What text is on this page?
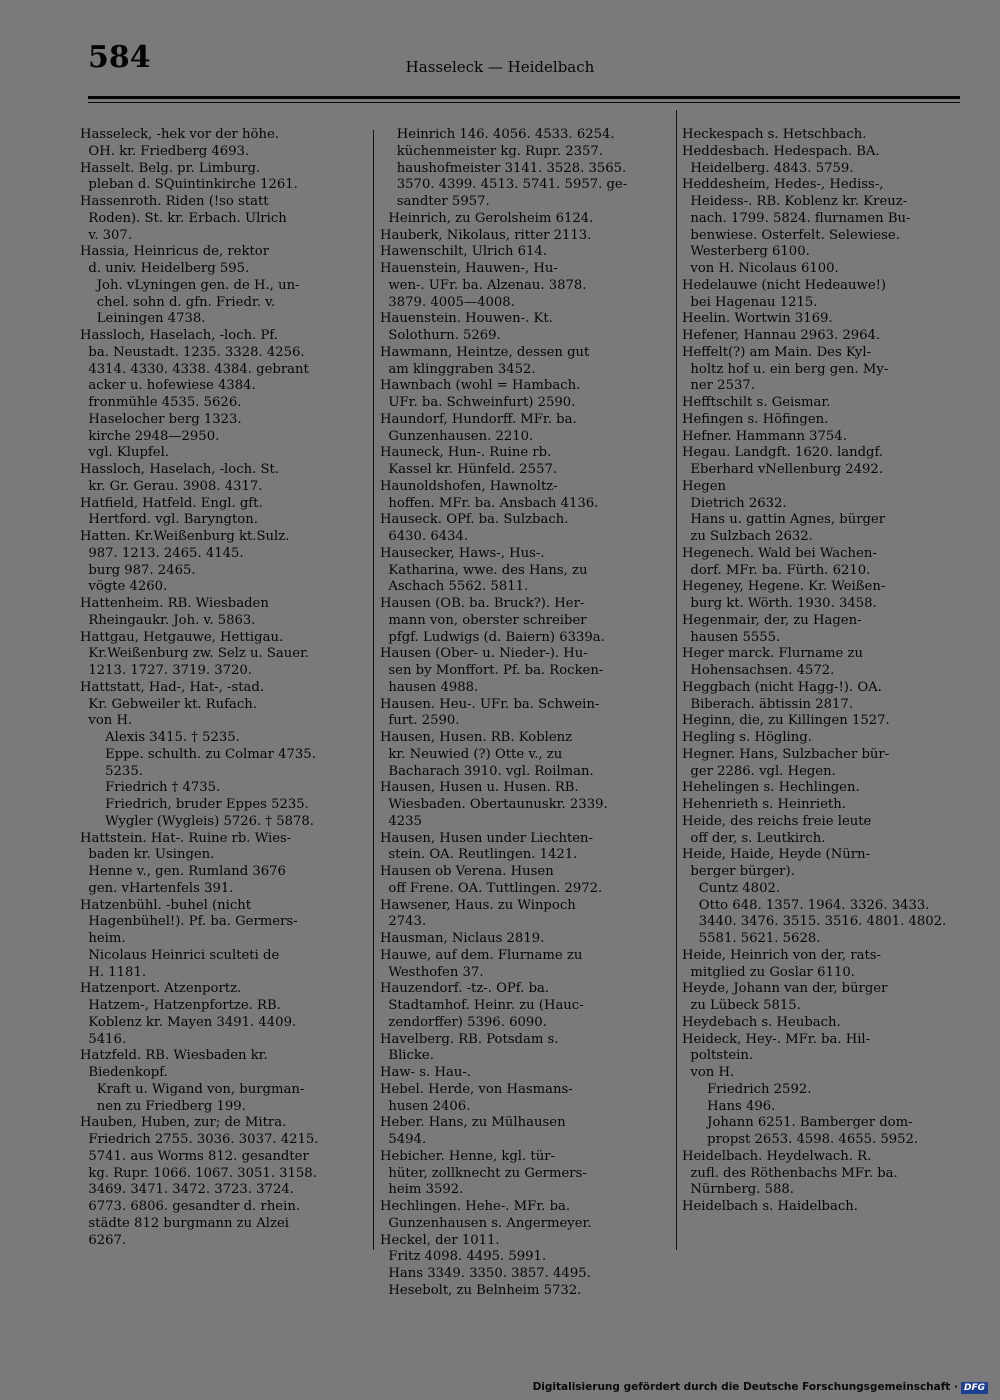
584	Hasseleck — Heidelbach
Hasseleck, -hek vor der höhe.
OH. kr. Friedberg 4693.
Hasselt. Belg. pr. Limburg.
pleban d. SQuintinkirche 1261.
Hassenroth. Riden (!so statt
Roden). St. kr. Erbach. Ulrich
v. 307.
Hassia, Heinricus de, rektor
d. univ. Heidelberg 595.
Joh. vLyningen gen. de H., un-
chel. sohn d. gfn. Friedr. v.
Leiningen 4738.
Hassloch, Haselach, -loch. Pf.
ba. Neustadt. 1235. 3328. 4256.
4314. 4330. 4338. 4384. gebrant
acker u. hofewiese 4384.
fronmühle 4535. 5626.
Haselocher berg 1323.
kirche 2948—2950.
vgl. Klupfel.
Hassloch, Haselach, -loch. St.
kr. Gr. Gerau. 3908. 4317.
Hatfield, Hatfeld. Engl. gft.
Hertford. vgl. Baryngton.
Hatten. Kr.Weißenburg kt.Sulz.
987. 1213. 2465. 4145.
burg 987. 2465.
vögte 4260.
Hattenheim. RB. Wiesbaden
Rheingaukr. Joh. v. 5863.
Hattgau, Hetgauwe, Hettigau.
Kr.Weißenburg zw. Selz u. Sauer.
1213. 1727. 3719. 3720.
Hattstatt, Had-, Hat-, -stad.
Kr. Gebweiler kt. Rufach.
von H.
Alexis 3415. † 5235.
Eppe. schulth. zu Colmar 4735.
5235.
Friedrich † 4735.
Friedrich, bruder Eppes 5235.
Wygler (Wygleis) 5726. † 5878.
Hattstein. Hat-. Ruine rb. Wies-
baden kr. Usingen.
Henne v., gen. Rumland 3676
gen. vHartenfels 391.
Hatzenbühl. -buhel (nicht
Hagenbühel!). Pf. ba. Germers-
heim.
Nicolaus Heinrici sculteti de
H. 1181.
Hatzenport. Atzenportz.
Hatzem-, Hatzenpfortze. RB.
Koblenz kr. Mayen 3491. 4409.
5416.
Hatzfeld. RB. Wiesbaden kr.
Biedenkopf.
Kraft u. Wigand von, burgman-
nen zu Friedberg 199.
Hauben, Huben, zur; de Mitra.
Friedrich 2755. 3036. 3037. 4215.
5741. aus Worms 812. gesandter
kg. Rupr. 1066. 1067. 3051. 3158.
3469. 3471. 3472. 3723. 3724.
6773. 6806. gesandter d. rhein.
städte 812 burgmann zu Alzei
6267.
Heinrich 146. 4056. 4533. 6254.
küchenmeister kg. Rupr. 2357.
haushofmeister 3141. 3528. 3565.
3570. 4399. 4513. 5741. 5957. ge-
sandter 5957.
Heinrich, zu Gerolsheim 6124.
Hauberk, Nikolaus, ritter 2113.
Hawenschilt, Ulrich 614.
Hauenstein, Hauwen-, Hu-
wen-. UFr. ba. Alzenau. 3878.
3879. 4005—4008.
Hauenstein. Houwen-. Kt.
Solothurn. 5269.
Hawmann, Heintze, dessen gut
am klinggraben 3452.
Hawnbach (wohl = Hambach.
UFr. ba. Schweinfurt) 2590.
Haundorf, Hundorff. MFr. ba.
Gunzenhausen. 2210.
Hauneck, Hun-. Ruine rb.
Kassel kr. Hünfeld. 2557.
Haunoldshofen, Hawnoltz-
hoffen. MFr. ba. Ansbach 4136.
Hauseck. OPf. ba. Sulzbach.
6430. 6434.
Hausecker, Haws-, Hus-.
Katharina, wwe. des Hans, zu
Aschach 5562. 5811.
Hausen (OB. ba. Bruck?). Her-
mann von, oberster schreiber
pfgf. Ludwigs (d. Baiern) 6339a.
Hausen (Ober- u. Nieder-). Hu-
sen by Monffort. Pf. ba. Rocken-
hausen 4988.
Hausen. Heu-. UFr. ba. Schwein-
furt. 2590.
Hausen, Husen. RB. Koblenz
kr. Neuwied (?) Otte v., zu
Bacharach 3910. vgl. Roilman.
Hausen, Husen u. Husen. RB.
Wiesbaden. Obertaunuskr. 2339.
4235
Hausen, Husen under Liechten-
stein. OA. Reutlingen. 1421.
Hausen ob Verena. Husen
off Frene. OA. Tuttlingen. 2972.
Hawsener, Haus. zu Winpoch
2743.
Hausman, Niclaus 2819.
Hauwe, auf dem. Flurname zu
Westhofen 37.
Hauzendorf. -tz-. OPf. ba.
Stadtamhof. Heinr. zu (Hauc-
zendorffer) 5396. 6090.
Havelberg. RB. Potsdam s.
Blicke.
Haw- s. Hau-.
Hebel. Herde, von Hasmans-
husen 2406.
Heber. Hans, zu Mülhausen
5494.
Hebicher. Henne, kgl. tür-
hüter, zollknecht zu Germers-
heim 3592.
Hechlingen. Hehe-. MFr. ba.
Gunzenhausen s. Angermeyer.
Heckel, der 1011.
Fritz 4098. 4495. 5991.
Hans 3349. 3350. 3857. 4495.
Hesebolt, zu Belnheim 5732.
Heckespach s. Hetschbach.
Heddesbach. Hedespach. BA.
Heidelberg. 4843. 5759.
Heddesheim, Hedes-, Hediss-,
Heidess-. RB. Koblenz kr. Kreuz-
nach. 1799. 5824. flurnamen Bu-
benwiese. Osterfelt. Selewiese.
Westerberg 6100.
von H. Nicolaus 6100.
Hedelauwe (nicht Hedeauwe!)
bei Hagenau 1215.
Heelin. Wortwin 3169.
Hefener, Hannau 2963. 2964.
Heffelt(?) am Main. Des Kyl-
holtz hof u. ein berg gen. My-
ner 2537.
Hefftschilt s. Geismar.
Hefingen s. Höfingen.
Hefner. Hammann 3754.
Hegau. Landgft. 1620. landgf.
Eberhard vNellenburg 2492.
Hegen
Dietrich 2632.
Hans u. gattin Agnes, bürger
zu Sulzbach 2632.
Hegenech. Wald bei Wachen-
dorf. MFr. ba. Fürth. 6210.
Hegeney, Hegene. Kr. Weißen-
burg kt. Wörth. 1930. 3458.
Hegenmair, der, zu Hagen-
hausen 5555.
Heger marck. Flurname zu
Hohensachsen. 4572.
Heggbach (nicht Hagg-!). OA.
Biberach. äbtissin 2817.
Heginn, die, zu Killingen 1527.
Hegling s. Högling.
Hegner. Hans, Sulzbacher bür-
ger 2286. vgl. Hegen.
Hehelingen s. Hechlingen.
Hehenrieth s. Heinrieth.
Heide, des reichs freie leute
off der, s. Leutkirch.
Heide, Haide, Heyde (Nürn-
berger bürger).
Cuntz 4802.
Otto 648. 1357. 1964. 3326. 3433.
3440. 3476. 3515. 3516. 4801. 4802.
5581. 5621. 5628.
Heide, Heinrich von der, rats-
mitglied zu Goslar 6110.
Heyde, Johann van der, bürger
zu Lübeck 5815.
Heydebach s. Heubach.
Heideck, Hey-. MFr. ba. Hil-
poltstein.
von H.
Friedrich 2592.
Hans 496.
Johann 6251. Bamberger dom-
propst 2653. 4598. 4655. 5952.
Heidelbach. Heydelwach. R.
zufl. des Röthenbachs MFr. ba.
Nürnberg. 588.
Heidelbach s. Haidelbach.
Digitalisierung gefördert durch die Deutsche Forschungsgemeinschaft · DFG
